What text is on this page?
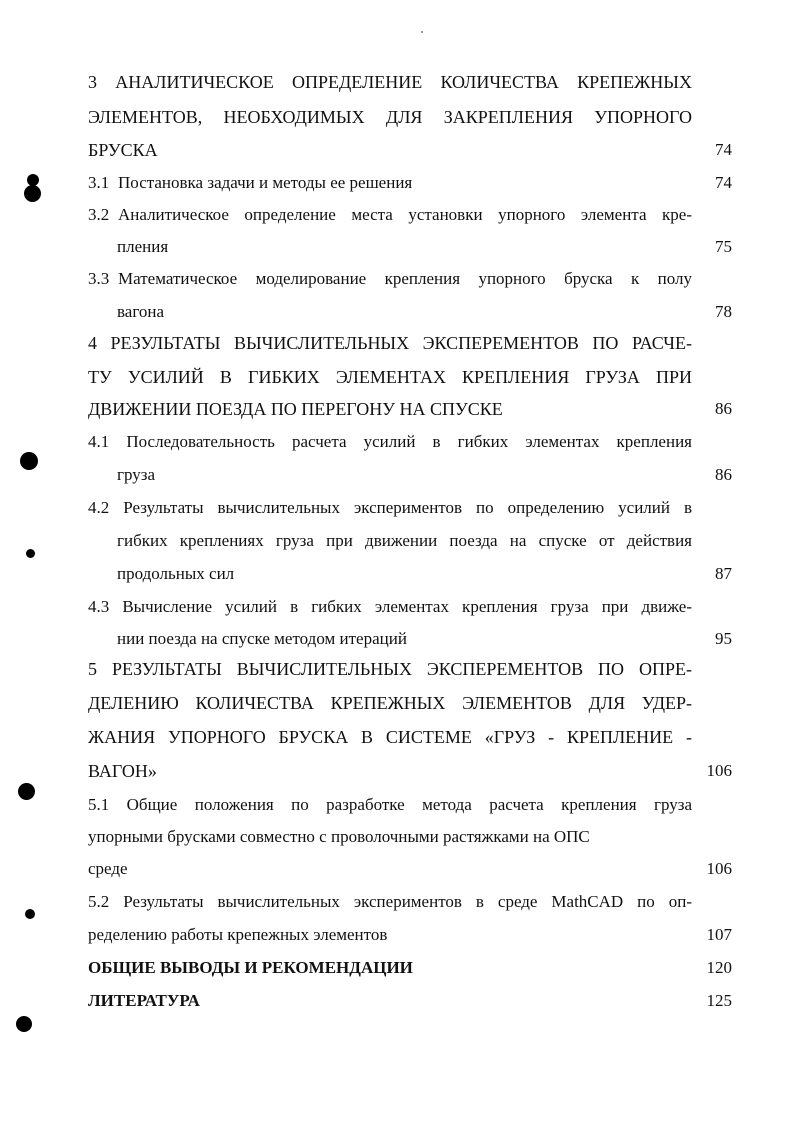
3 АНАЛИТИЧЕСКОЕ ОПРЕДЕЛЕНИЕ КОЛИЧЕСТВА КРЕПЕЖНЫХ
ЭЛЕМЕНТОВ, НЕОБХОДИМЫХ ДЛЯ ЗАКРЕПЛЕНИЯ УПОРНОГО
БРУСКА	74
3.1 Постановка задачи и методы ее решения	74
3.2 Аналитическое определение места установки упорного элемента кре-
пления	75
3.3 Математическое моделирование крепления упорного бруска к полу
вагона	78
4 РЕЗУЛЬТАТЫ ВЫЧИСЛИТЕЛЬНЫХ ЭКСПЕРЕМЕНТОВ ПО РАСЧЕ-
ТУ УСИЛИЙ В ГИБКИХ ЭЛЕМЕНТАХ КРЕПЛЕНИЯ ГРУЗА ПРИ
ДВИЖЕНИИ ПОЕЗДА ПО ПЕРЕГОНУ НА СПУСКЕ	86
4.1 Последовательность расчета усилий в гибких элементах крепления
груза	86
4.2 Результаты вычислительных экспериментов по определению усилий в
гибких креплениях груза при движении поезда на спуске от действия
продольных сил	87
4.3 Вычисление усилий в гибких элементах крепления груза при движе-
нии поезда на спуске методом итераций	95
5 РЕЗУЛЬТАТЫ ВЫЧИСЛИТЕЛЬНЫХ ЭКСПЕРЕМЕНТОВ ПО ОПРЕ-
ДЕЛЕНИЮ КОЛИЧЕСТВА КРЕПЕЖНЫХ ЭЛЕМЕНТОВ ДЛЯ УДЕР-
ЖАНИЯ УПОРНОГО БРУСКА В СИСТЕМЕ «ГРУЗ - КРЕПЛЕНИЕ -
ВАГОН»	106
5.1 Общие положения по разработке метода расчета крепления груза
упорными брусками совместно с проволочными растяжками на ОПС
среде	106
5.2 Результаты вычислительных экспериментов в среде MathCAD по оп-
ределению работы крепежных элементов	107
ОБЩИЕ ВЫВОДЫ И РЕКОМЕНДАЦИИ	120
ЛИТЕРАТУРА	125
